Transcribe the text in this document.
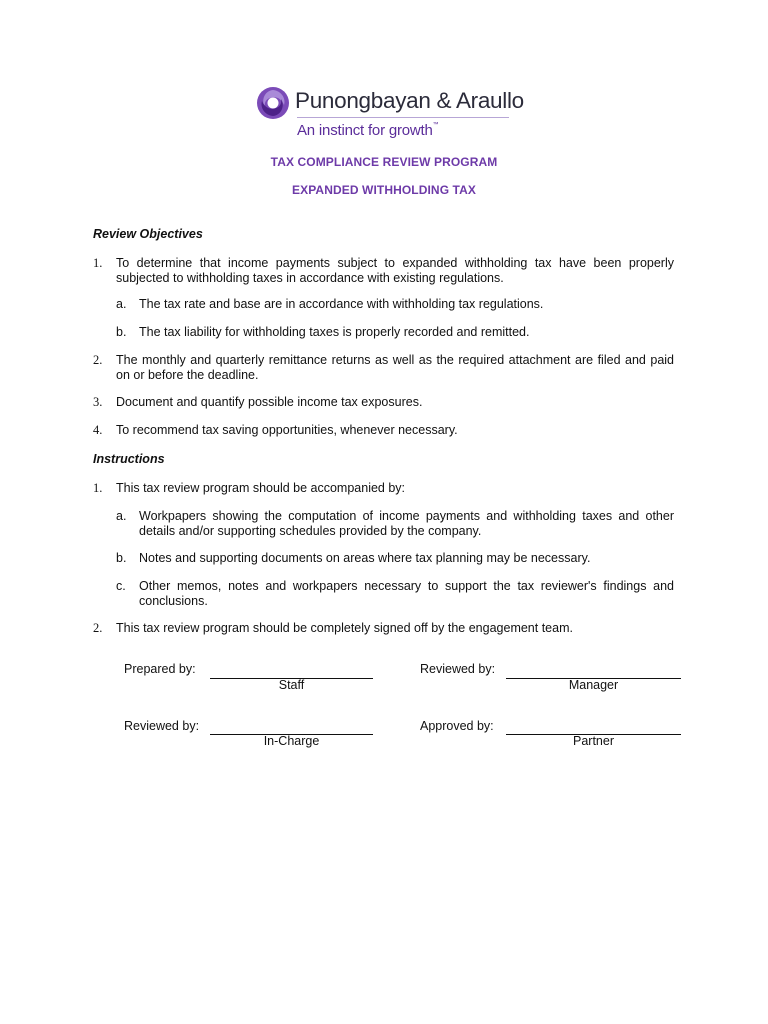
Punongbayan & Araullo
An instinct for growth™
TAX COMPLIANCE REVIEW PROGRAM
EXPANDED WITHHOLDING TAX
Review Objectives
1. To determine that income payments subject to expanded withholding tax have been properly subjected to withholding taxes in accordance with existing regulations.
a. The tax rate and base are in accordance with withholding tax regulations.
b. The tax liability for withholding taxes is properly recorded and remitted.
2. The monthly and quarterly remittance returns as well as the required attachment are filed and paid on or before the deadline.
3. Document and quantify possible income tax exposures.
4. To recommend tax saving opportunities, whenever necessary.
Instructions
1. This tax review program should be accompanied by:
a. Workpapers showing the computation of income payments and withholding taxes and other details and/or supporting schedules provided by the company.
b. Notes and supporting documents on areas where tax planning may be necessary.
c. Other memos, notes and workpapers necessary to support the tax reviewer's findings and conclusions.
2. This tax review program should be completely signed off by the engagement team.
Prepared by:
Staff
Reviewed by:
Manager
Reviewed by:
In-Charge
Approved by:
Partner
